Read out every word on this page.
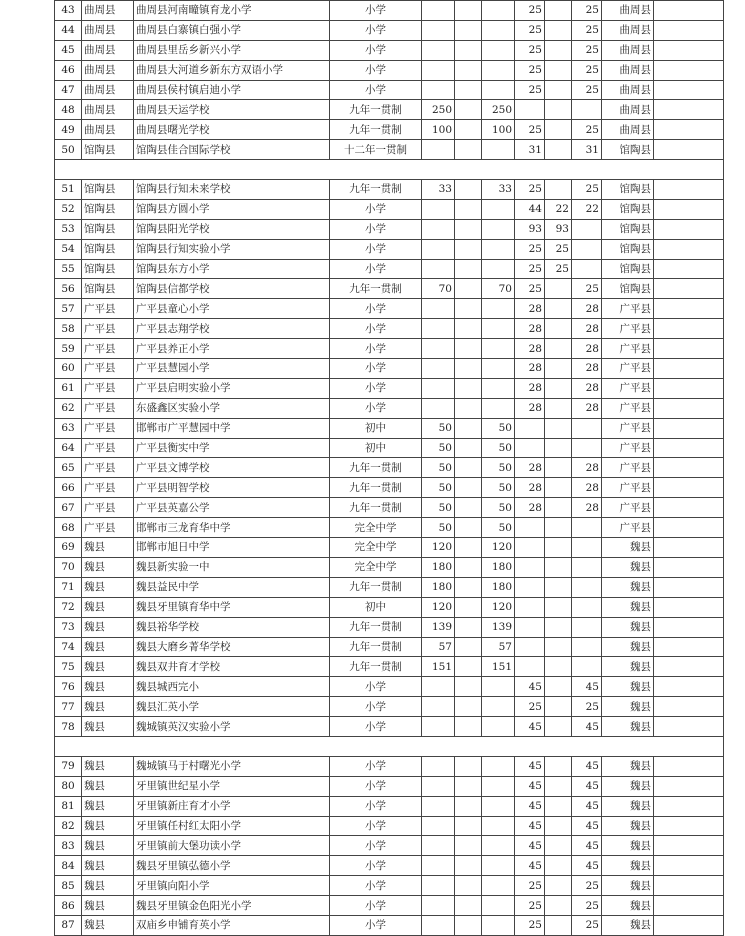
43	曲周县	曲周县河南疃镇育龙小学	小学				25		25	曲周县	
44	曲周县	曲周县白寨镇白强小学	小学				25		25	曲周县	
45	曲周县	曲周县里岳乡新兴小学	小学				25		25	曲周县	
46	曲周县	曲周县大河道乡新东方双语小学	小学				25		25	曲周县	
47	曲周县	曲周县侯村镇启迪小学	小学				25		25	曲周县	
48	曲周县	曲周县天运学校	九年一贯制	250		250				曲周县	
49	曲周县	曲周县曙光学校	九年一贯制	100		100	25		25	曲周县	
50	馆陶县	馆陶县佳合国际学校	十二年一贯制				31		31	馆陶县	

51	馆陶县	馆陶县行知未来学校	九年一贯制	33		33	25		25	馆陶县	
52	馆陶县	馆陶县方圆小学	小学				44	22	22	馆陶县	
53	馆陶县	馆陶县阳光学校	小学				93	93		馆陶县	
54	馆陶县	馆陶县行知实验小学	小学				25	25		馆陶县	
55	馆陶县	馆陶县东方小学	小学				25	25		馆陶县	
56	馆陶县	馆陶县信都学校	九年一贯制	70		70	25		25	馆陶县	
57	广平县	广平县童心小学	小学				28		28	广平县	
58	广平县	广平县志翔学校	小学				28		28	广平县	
59	广平县	广平县养正小学	小学				28		28	广平县	
60	广平县	广平县慧园小学	小学				28		28	广平县	
61	广平县	广平县启明实验小学	小学				28		28	广平县	
62	广平县	东盛鑫区实验小学	小学				28		28	广平县	
63	广平县	邯郸市广平慧园中学	初中	50		50				广平县	
64	广平县	广平县衡实中学	初中	50		50				广平县	
65	广平县	广平县文博学校	九年一贯制	50		50	28		28	广平县	
66	广平县	广平县明智学校	九年一贯制	50		50	28		28	广平县	
67	广平县	广平县英嘉公学	九年一贯制	50		50	28		28	广平县	
68	广平县	邯郸市三龙育华中学	完全中学	50		50				广平县	
69	魏县	邯郸市旭日中学	完全中学	120		120				魏县	
70	魏县	魏县新实验一中	完全中学	180		180				魏县	
71	魏县	魏县益民中学	九年一贯制	180		180				魏县	
72	魏县	魏县牙里镇育华中学	初中	120		120				魏县	
73	魏县	魏县裕华学校	九年一贯制	139		139				魏县	
74	魏县	魏县大磨乡菁华学校	九年一贯制	57		57				魏县	
75	魏县	魏县双井育才学校	九年一贯制	151		151				魏县	
76	魏县	魏县城西完小	小学				45		45	魏县	
77	魏县	魏县汇英小学	小学				25		25	魏县	
78	魏县	魏城镇英汉实验小学	小学				45		45	魏县	

79	魏县	魏城镇马于村曙光小学	小学				45		45	魏县	
80	魏县	牙里镇世纪星小学	小学				45		45	魏县	
81	魏县	牙里镇新庄育才小学	小学				45		45	魏县	
82	魏县	牙里镇任村红太阳小学	小学				45		45	魏县	
83	魏县	牙里镇前大堡功读小学	小学				45		45	魏县	
84	魏县	魏县牙里镇弘德小学	小学				45		45	魏县	
85	魏县	牙里镇向阳小学	小学				25		25	魏县	
86	魏县	魏县牙里镇金色阳光小学	小学				25		25	魏县	
87	魏县	双庙乡申铺育英小学	小学				25		25	魏县	
